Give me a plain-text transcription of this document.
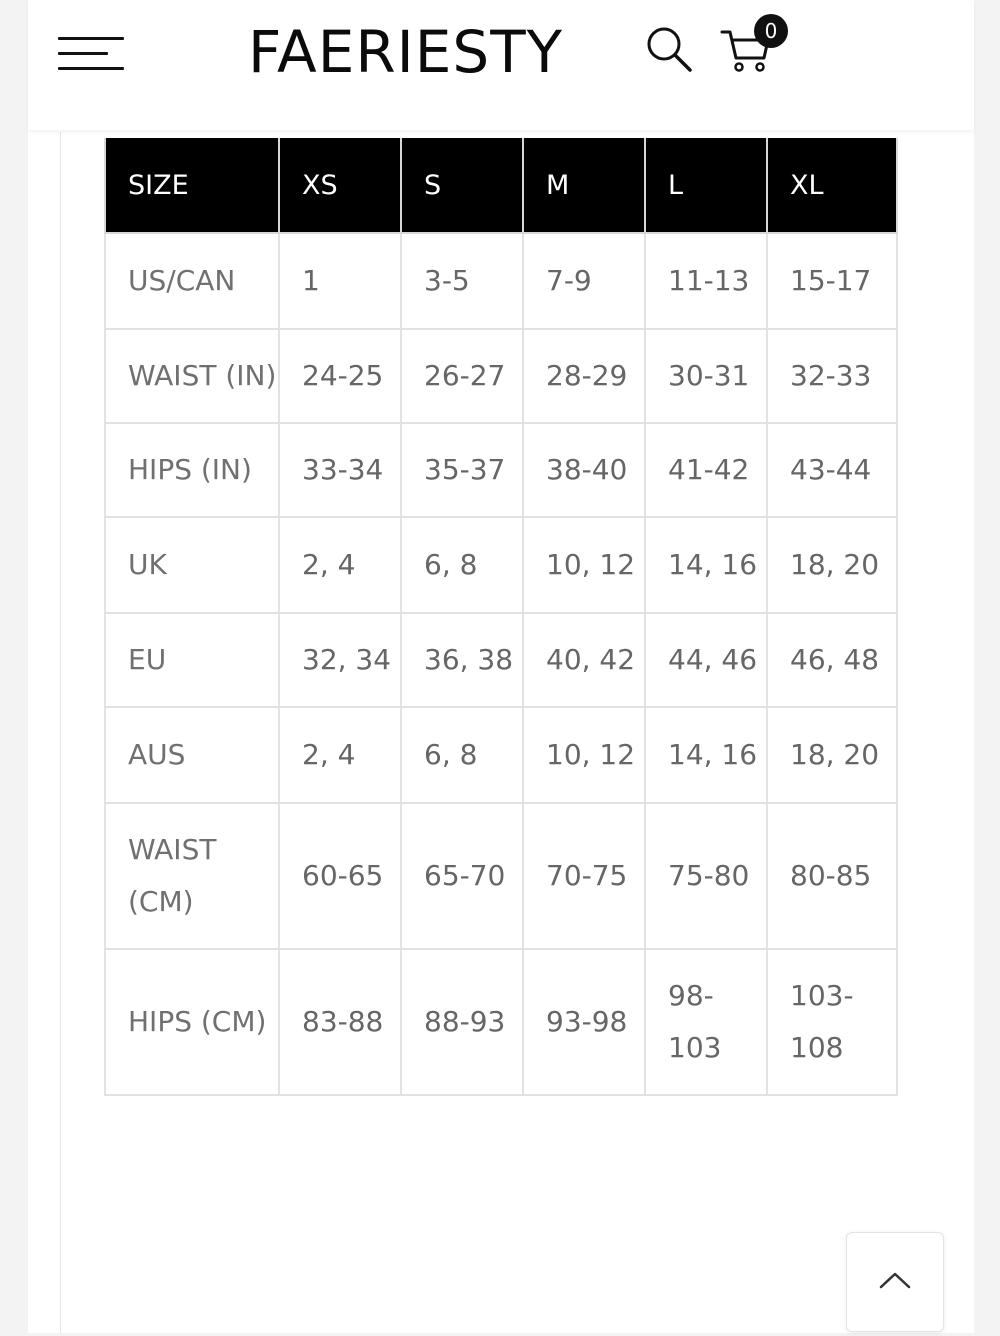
FAERIESTY	0
SIZE	XS	S	M	L	XL
US/CAN	1	3-5	7-9	11-13	15-17
WAIST (IN)	24-25	26-27	28-29	30-31	32-33
HIPS (IN)	33-34	35-37	38-40	41-42	43-44
UK	2, 4	6, 8	10, 12	14, 16	18, 20
EU	32, 34	36, 38	40, 42	44, 46	46, 48
AUS	2, 4	6, 8	10, 12	14, 16	18, 20
WAIST (CM)	60-65	65-70	70-75	75-80	80-85
HIPS (CM)	83-88	88-93	93-98	98-103	103-108
